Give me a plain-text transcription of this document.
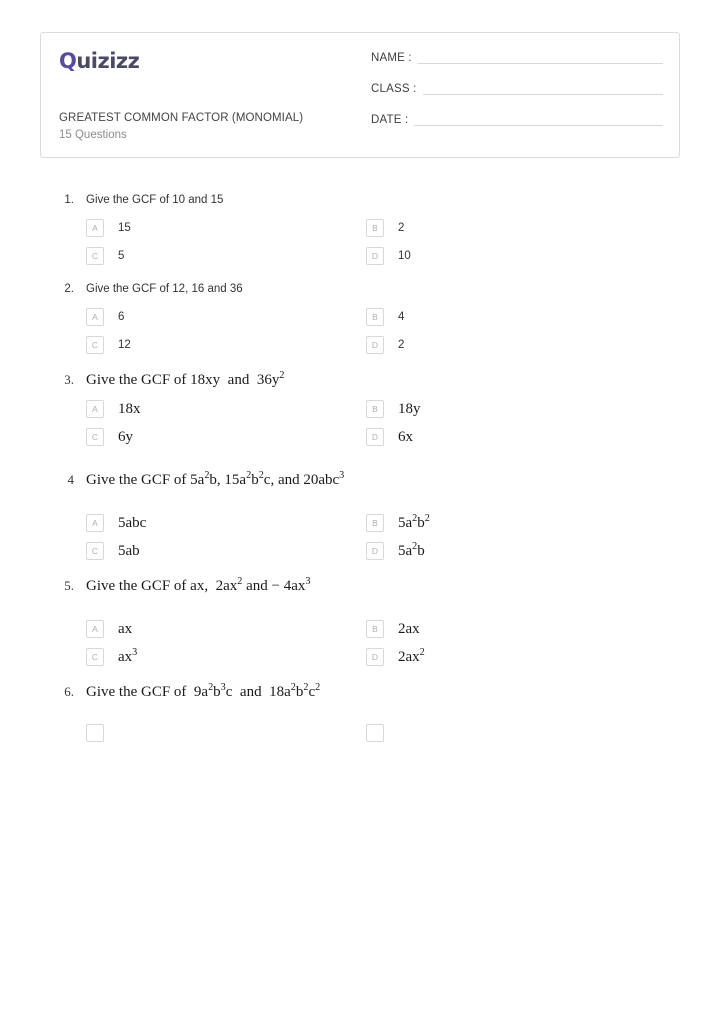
Quizizz
GREATEST COMMON FACTOR (MONOMIAL)
15 Questions
NAME :
CLASS :
DATE :
1.	Give the GCF of 10 and 15
A	15	B	2
C	5	D	10
2.	Give the GCF of 12, 16 and 36
A	6	B	4
C	12	D	2
3. Give the GCF of 18xy  and  $36y^2$
A	18x	B	18y
C	6y	D	6x
4 Give the GCF of $5a^2b$, $15a^2b^2c$, and 20abc$^3$
A	5abc	B	$5a^2b^2$
C	5ab	D	$5a^2b$
5. Give the GCF of ax,  $2ax^2$ and − $4ax^3$
A	ax	B	2ax
C	$ax^3$	D	$2ax^2$
6. Give the GCF of  $9a^2b^3c$  and  $18a^2b^2c^2$
